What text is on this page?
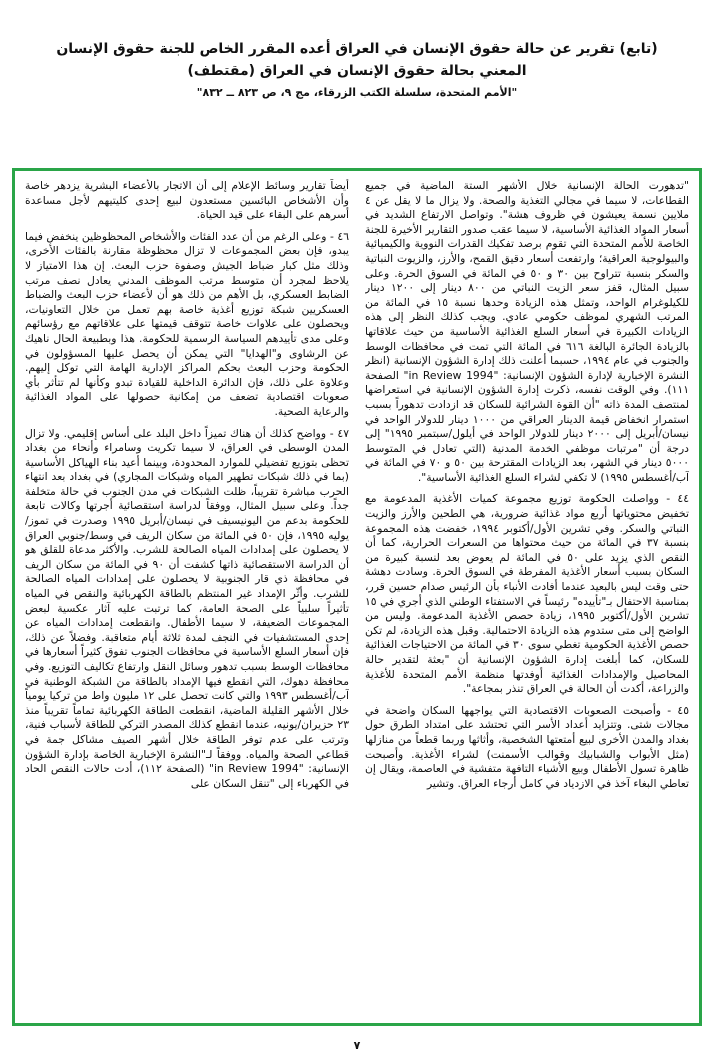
(تابع) تقرير عن حالة حقوق الإنسان في العراق أعده المقرر الخاص للجنة حقوق الإنسان
المعني بحالة حقوق الإنسان في العراق (مقتطف)
"الأمم المتحدة، سلسلة الكتب الزرقاء، مج ٩، ص ٨٢٣ ــ ٨٣٢"

"تدهورت الحالة الإنسانية خلال الأشهر الستة الماضية في جميع القطاعات، لا سيما في مجالي التغذية والصحة. ولا يزال ما لا يقل عن ٤ ملايين نسمة يعيشون في ظروف هشة". وتواصل الارتفاع الشديد في أسعار المواد الغذائية الأساسية، لا سيما عقب صدور التقارير الأخيرة للجنة الخاصة للأمم المتحدة التي تقوم برصد تفكيك القدرات النووية والكيميائية والبيولوجية العراقية؛ وارتفعت أسعار دقيق القمح، والأرز، والزيوت النباتية والسكر بنسبة تتراوح بين ٣٠ و ٥٠ في المائة في السوق الحرة. وعلى سبيل المثال، قفز سعر الزيت النباتي من ٨٠٠ دينار إلى ١٢٠٠ دينار للكيلوغرام الواحد، وتمثل هذه الزيادة وحدها نسبة ١٥ في المائة من المرتب الشهري لموظف حكومي عادي. ويجب كذلك النظر إلى هذه الزيادات الكبيرة في أسعار السلع الغذائية الأساسية من حيث علاقاتها بالزيادة الجائرة البالغة ٦١٦ في المائة التي تمت في محافظات الوسط والجنوب في عام ١٩٩٤، حسبما أعلنت ذلك إدارة الشؤون الإنسانية (انظر النشرة الإخبارية لإدارة الشؤون الإنسانية: "1994 in Review" الصفحة ١١١). وفي الوقت نفسه، ذكرت إدارة الشؤون الإنسانية في استعراضها لمنتصف المدة ذاته "أن القوة الشرائية للسكان قد ازدادت تدهوراً بسبب استمرار انخفاض قيمة الدينار العراقي من ١٠٠٠ دينار للدولار الواحد في نيسان/أبريل إلى ٢٠٠٠ دينار للدولار الواحد في أيلول/سبتمبر ١٩٩٥" إلى درجة أن "مرتبات موظفي الخدمة المدنية (التي تعادل في المتوسط ٥٠٠٠ دينار في الشهر، بعد الزيادات المقترحة بين ٥٠ و ٧٠ في المائة في آب/أغسطس ١٩٩٥) لا تكفي لشراء السلع الغذائية الأساسية".

٤٤ - وواصلت الحكومة توزيع مجموعة كميات الأغذية المدعومة مع تخفيض محتوياتها أربع مواد غذائية ضرورية، هي الطحين والأرز والزيت النباتي والسكر. وفي تشرين الأول/أكتوبر ١٩٩٤، خفضت هذه المجموعة بنسبة ٣٧ في المائة من حيث محتواها من السعرات الحرارية، كما أن النقص الذي يزيد على ٥٠ في المائة لم يعوض بعد لنسبة كبيرة من السكان بسبب أسعار الأغذية المفرطة في السوق الحرة. وسادت دهشة حتى وقت ليس بالبعيد عندما أفادت الأنباء بأن الرئيس صدام حسين قرر، بمناسبة الاحتفال بـ"تأييده" رئيساً في الاستفتاء الوطني الذي أجري في ١٥ تشرين الأول/أكتوبر ١٩٩٥، زيادة حصص الأغذية المدعومة. وليس من الواضح إلى متى ستدوم هذه الزيادة الاحتمالية. وقبل هذه الزيادة، لم تكن حصص الأغذية الحكومية تغطي سوى ٣٠ في المائة من الاحتياجات الغذائية للسكان، كما أبلغت إدارة الشؤون الإنسانية أن "بعثة لتقدير حالة المحاصيل والإمدادات الغذائية أوفدتها منظمة الأمم المتحدة للأغذية والزراعة، أكدت أن الحالة في العراق تنذر بمجاعة".

٤٥ - وأصبحت الصعوبات الاقتصادية التي يواجهها السكان واضحة في مجالات شتى. وتتزايد أعداد الأسر التي تحتشد على امتداد الطرق حول بغداد والمدن الأخرى لبيع أمتعتها الشخصية، وأثاثها وربما قطعاً من منازلها (مثل الأبواب والشبابيك وقوالب الأسمنت) لشراء الأغذية. وأصبحت ظاهرة تسول الأطفال وبيع الأشياء التافهة متفشية في العاصمة، ويقال إن تعاطي البغاء آخذ في الازدياد في كامل أرجاء العراق. وتشير

أيضاً تقارير وسائط الإعلام إلى أن الاتجار بالأعضاء البشرية يزدهر خاصة وأن الأشخاص البائسين مستعدون لبيع إحدى كليتيهم لأجل مساعدة أسرهم على البقاء على قيد الحياة.

٤٦ - وعلى الرغم من أن عدد الفئات والأشخاص المحظوظين ينخفض فيما يبدو، فإن بعض المجموعات لا تزال محظوظة مقارنة بالفئات الأخرى، وذلك مثل كبار ضباط الجيش وصفوة حزب البعث. إن هذا الامتياز لا يلاحظ لمجرد أن متوسط مرتب الموظف المدني يعادل نصف مرتب الضابط العسكري، بل الأهم من ذلك هو أن لأعضاء حزب البعث والضباط العسكريين شبكة توزيع أغذية خاصة بهم تعمل من خلال التعاونيات، ويحصلون على علاوات خاصة تتوقف قيمتها على علاقاتهم مع رؤسائهم وعلى مدى تأييدهم السياسة الرسمية للحكومة. هذا وبطبيعة الحال ناهيك عن الرشاوى و"الهدايا" التي يمكن أن يحصل عليها المسؤولون في الحكومة وحزب البعث بحكم المراكز الإدارية الهامة التي توكل إليهم. وعلاوة على ذلك، فإن الدائرة الداخلية للقيادة تبدو وكأنها لم تتأثر بأي صعوبات اقتصادية تضعف من إمكانية حصولها على المواد الغذائية والرعاية الصحية.

٤٧ - وواضح كذلك أن هناك تميزاً داخل البلد على أساس إقليمي. ولا تزال المدن الوسطى في العراق، لا سيما تكريت وسامراء وأنحاء من بغداد تحظى بتوزيع تفضيلي للموارد المحدودة، وبينما أعيد بناء الهياكل الأساسية (بما في ذلك شبكات تطهير المياه وشبكات المجاري) في بغداد بعد انتهاء الحرب مباشرة تقريباً، ظلت الشبكات في مدن الجنوب في حالة متخلفة جداً. وعلى سبيل المثال، ووفقاً لدراسة استقصائية أجرتها وكالات تابعة للحكومة بدعم من اليونيسيف في نيسان/أبريل ١٩٩٥ وصدرت في تموز/يوليه ١٩٩٥، فإن ٥٠ في المائة من سكان الريف في وسط/جنوبي العراق لا يحصلون على إمدادات المياه الصالحة للشرب. والأكثر مدعاة للقلق هو أن الدراسة الاستقصائية ذاتها كشفت أن ٩٠ في المائة من سكان الريف في محافظة ذي قار الجنوبية لا يحصلون على إمدادات المياه الصالحة للشرب. وأثّر الإمداد غير المنتظم بالطاقة الكهربائية والنقص في المياه تأثيراً سلبياً على الصحة العامة، كما ترتبت عليه آثار عكسية لبعض المجموعات الضعيفة، لا سيما الأطفال. وانقطعت إمدادات المياه عن إحدى المستشفيات في النجف لمدة ثلاثة أيام متعاقبة. وفضلاً عن ذلك، فإن أسعار السلع الأساسية في محافظات الجنوب تفوق كثيراً أسعارها في محافظات الوسط بسبب تدهور وسائل النقل وارتفاع تكاليف التوزيع. وفي محافظة دهوك، التي انقطع فيها الإمداد بالطاقة من الشبكة الوطنية في آب/أغسطس ١٩٩٣ والتي كانت تحصل على ١٢ مليون واط من تركيا يومياً خلال الأشهر القليلة الماضية، انقطعت الطاقة الكهربائية تماماً تقريباً منذ ٢٣ حزيران/يونيه، عندما انقطع كذلك المصدر التركي للطاقة لأسباب فنية، وترتب على عدم توفر الطاقة خلال أشهر الصيف مشاكل جمة في قطاعي الصحة والمياه. ووفقاً لـ"النشرة الإخبارية الخاصة بإدارة الشؤون الإنسانية: "1994 in Review" (الصفحة ١١٢)، أدت حالات النقص الحاد في الكهرباء إلى "تنقل السكان على

٧
